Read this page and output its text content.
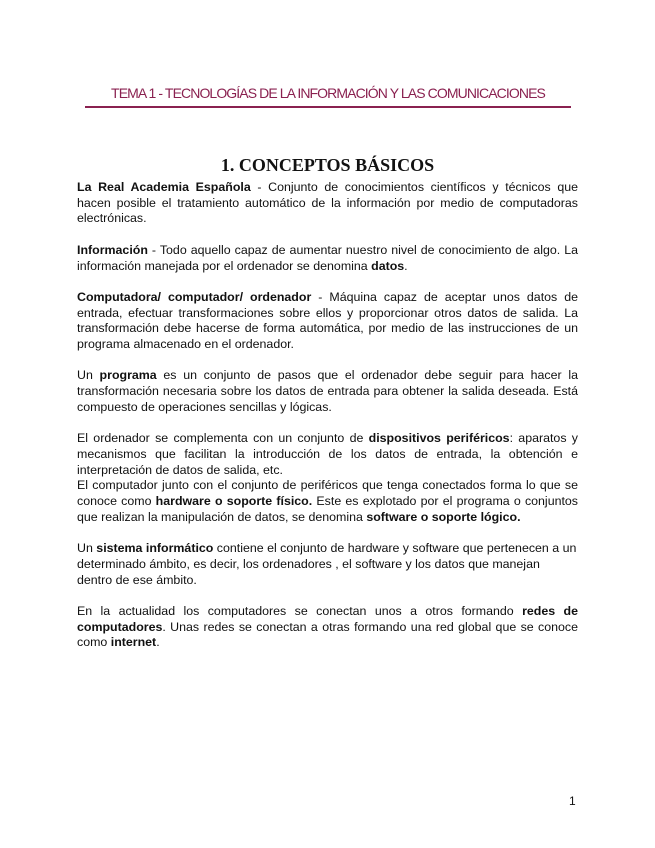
TEMA 1 - TECNOLOGÍAS DE LA INFORMACIÓN Y LAS COMUNICACIONES
1. CONCEPTOS BÁSICOS

La Real Academia Española - Conjunto de conocimientos científicos y técnicos que hacen posible el tratamiento automático de la información por medio de computadoras electrónicas.

Información - Todo aquello capaz de aumentar nuestro nivel de conocimiento de algo. La información manejada por el ordenador se denomina datos.

Computadora/ computador/ ordenador - Máquina capaz de aceptar unos datos de entrada, efectuar transformaciones sobre ellos y proporcionar otros datos de salida. La transformación debe hacerse de forma automática, por medio de las instrucciones de un programa almacenado en el ordenador.

Un programa es un conjunto de pasos que el ordenador debe seguir para hacer la transformación necesaria sobre los datos de entrada para obtener la salida deseada. Está compuesto de operaciones sencillas y lógicas.

El ordenador se complementa con un conjunto de dispositivos periféricos: aparatos y mecanismos que facilitan la introducción de los datos de entrada, la obtención e interpretación de datos de salida, etc.

El computador junto con el conjunto de periféricos que tenga conectados forma lo que se conoce como hardware o soporte físico. Este es explotado por el programa o conjuntos que realizan la manipulación de datos, se denomina software o soporte lógico.

Un sistema informático contiene el conjunto de hardware y software que pertenecen a un determinado ámbito, es decir, los ordenadores , el software y los datos que manejan dentro de ese ámbito.

En la actualidad los computadores se conectan unos a otros formando redes de computadores. Unas redes se conectan a otras formando una red global que se conoce como internet.

1
